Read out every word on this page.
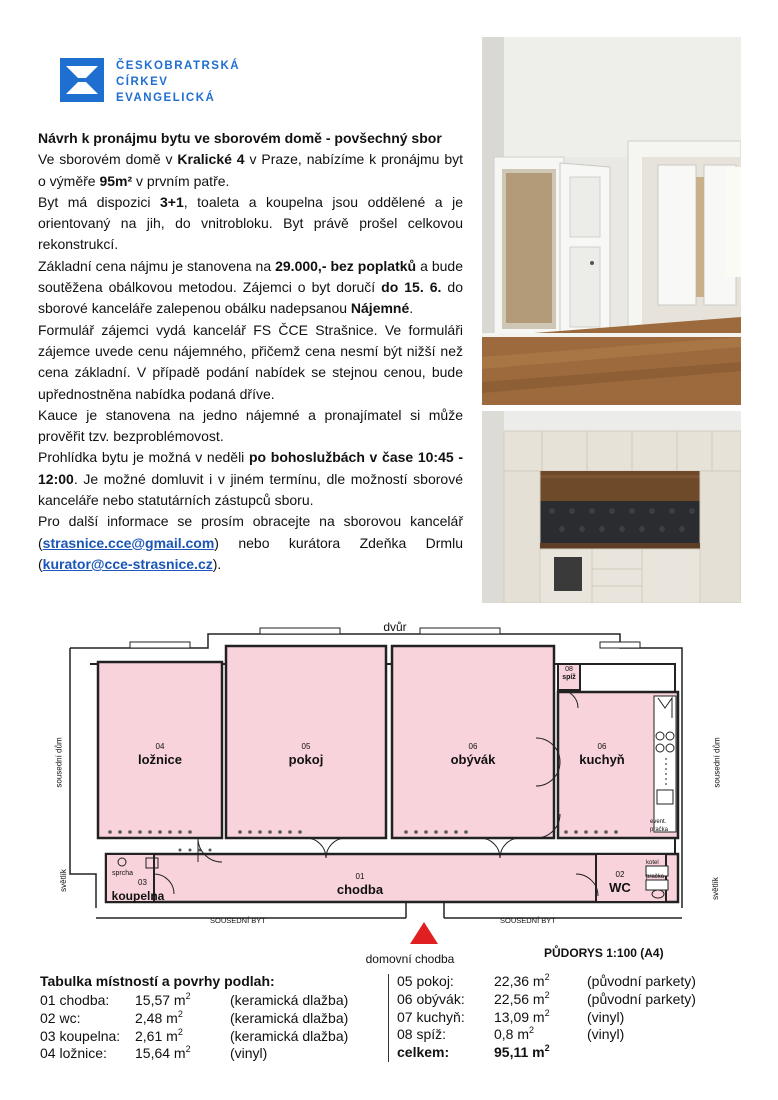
ČESKOBRATRSKÁ
CÍRKEV
EVANGELICKÁ

Návrh k pronájmu bytu ve sborovém domě - povšechný sbor

Ve sborovém domě v Kralické 4 v Praze, nabízíme k pronájmu byt o výměře 95m² v prvním patře.

Byt má dispozici 3+1, toaleta a koupelna jsou oddělené a je orientovaný na jih, do vnitrobloku. Byt právě prošel celkovou rekonstrukcí.

Základní cena nájmu je stanovena na 29.000,- bez poplatků a bude soutěžena obálkovou metodou. Zájemci o byt doručí do 15. 6. do sborové kanceláře zalepenou obálku nadepsanou Nájemné.

Formulář zájemci vydá kancelář FS ČCE Strašnice. Ve formuláři zájemce uvede cenu nájemného, přičemž cena nesmí být nižší než cena základní. V případě podání nabídek se stejnou cenou, bude upřednostněna nabídka podaná dříve.

Kauce je stanovena na jedno nájemné a pronajímatel si může prověřit tzv. bezproblémovost.

Prohlídka bytu je možná v neděli po bohoslužbách v čase 10:45 - 12:00. Je možné domluvit i v jiném termínu, dle možností sborové kanceláře nebo statutárních zástupců sboru.

Pro další informace se prosím obracejte na sborovou kancelář (strasnice.cce@gmail.com) nebo kurátora Zdeňka Drmlu (kurator@cce-strasnice.cz).

dvůr
04
ložnice
05
pokoj
06
obývák
06
kuchyň
08
spíž
01
chodba
03
koupelna
02
WC
sprcha
kotel
pračka
event. pračka
sousední dům	sousední dům
světlík	světlík
SOUSEDNÍ BYT	SOUSEDNÍ BYT
domovní chodba	PŮDORYS 1:100 (A4)
Tabulka místností a povrhy podlah:
01 chodba:	15,57 $m^2$	(keramická dlažba)
02 wc:	2,48 $m^2$	(keramická dlažba)
03 koupelna:	2,61 $m^2$	(keramická dlažba)
04 ložnice:	15,64 $m^2$	(vinyl)
05 pokoj:	22,36 $m^2$	(původní parkety)
06 obývák:	22,56 $m^2$	(původní parkety)
07 kuchyň:	13,09 $m^2$	(vinyl)
08 spíž:	0,8 $m^2$	(vinyl)
celkem:	95,11 $m^2$
